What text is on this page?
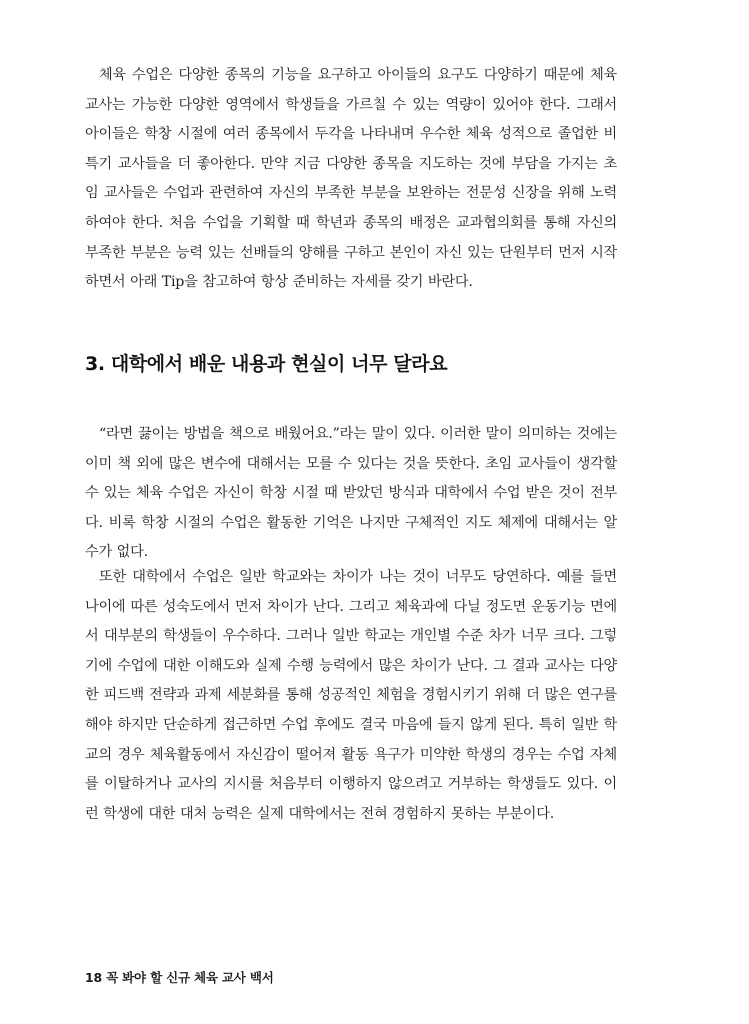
체육 수업은 다양한 종목의 기능을 요구하고 아이들의 요구도 다양하기 때문에 체육 교사는 가능한 다양한 영역에서 학생들을 가르칠 수 있는 역량이 있어야 한다. 그래서 아이들은 학창 시절에 여러 종목에서 두각을 나타내며 우수한 체육 성적으로 졸업한 비특기 교사들을 더 좋아한다. 만약 지금 다양한 종목을 지도하는 것에 부담을 가지는 초임 교사들은 수업과 관련하여 자신의 부족한 부분을 보완하는 전문성 신장을 위해 노력하여야 한다. 처음 수업을 기획할 때 학년과 종목의 배정은 교과협의회를 통해 자신의 부족한 부분은 능력 있는 선배들의 양해를 구하고 본인이 자신 있는 단원부터 먼저 시작하면서 아래 Tip을 참고하여 항상 준비하는 자세를 갖기 바란다.

3. 대학에서 배운 내용과 현실이 너무 달라요

“라면 끓이는 방법을 책으로 배웠어요.”라는 말이 있다. 이러한 말이 의미하는 것에는 이미 책 외에 많은 변수에 대해서는 모를 수 있다는 것을 뜻한다. 초임 교사들이 생각할 수 있는 체육 수업은 자신이 학창 시절 때 받았던 방식과 대학에서 수업 받은 것이 전부다. 비록 학창 시절의 수업은 활동한 기억은 나지만 구체적인 지도 체제에 대해서는 알 수가 없다.

또한 대학에서 수업은 일반 학교와는 차이가 나는 것이 너무도 당연하다. 예를 들면 나이에 따른 성숙도에서 먼저 차이가 난다. 그리고 체육과에 다닐 정도면 운동기능 면에서 대부분의 학생들이 우수하다. 그러나 일반 학교는 개인별 수준 차가 너무 크다. 그렇기에 수업에 대한 이해도와 실제 수행 능력에서 많은 차이가 난다. 그 결과 교사는 다양한 피드백 전략과 과제 세분화를 통해 성공적인 체험을 경험시키기 위해 더 많은 연구를 해야 하지만 단순하게 접근하면 수업 후에도 결국 마음에 들지 않게 된다. 특히 일반 학교의 경우 체육활동에서 자신감이 떨어져 활동 욕구가 미약한 학생의 경우는 수업 자체를 이탈하거나 교사의 지시를 처음부터 이행하지 않으려고 거부하는 학생들도 있다. 이런 학생에 대한 대처 능력은 실제 대학에서는 전혀 경험하지 못하는 부분이다.

18 꼭 봐야 할 신규 체육 교사 백서
